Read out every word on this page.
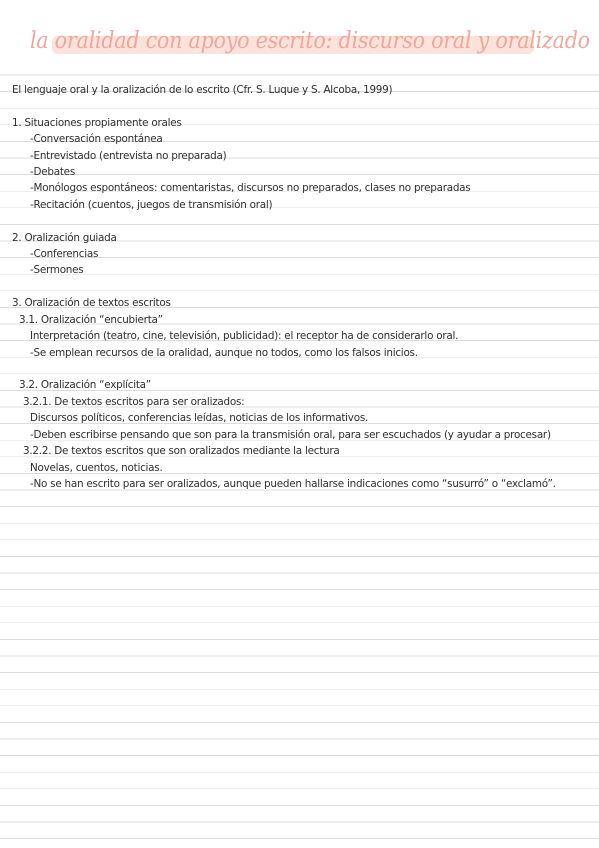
la oralidad con apoyo escrito: discurso oral y oralizado
El lenguaje oral y la oralización de lo escrito (Cfr. S. Luque y S. Alcoba, 1999)
1. Situaciones propiamente orales
-Conversación espontánea
-Entrevistado (entrevista no preparada)
-Debates
-Monólogos espontáneos: comentaristas, discursos no preparados, clases no preparadas
-Recitación (cuentos, juegos de transmisión oral)
2. Oralización guiada
-Conferencias
-Sermones
3. Oralización de textos escritos
3.1. Oralización “encubierta”
Interpretación (teatro, cine, televisión, publicidad): el receptor ha de considerarlo oral.
-Se emplean recursos de la oralidad, aunque no todos, como los falsos inicios.
3.2. Oralización “explícita”
3.2.1. De textos escritos para ser oralizados:
Discursos políticos, conferencias leídas, noticias de los informativos.
-Deben escribirse pensando que son para la transmisión oral, para ser escuchados (y ayudar a procesar)
3.2.2. De textos escritos que son oralizados mediante la lectura
Novelas, cuentos, noticias.
-No se han escrito para ser oralizados, aunque pueden hallarse indicaciones como “susurró” o “exclamó”.
